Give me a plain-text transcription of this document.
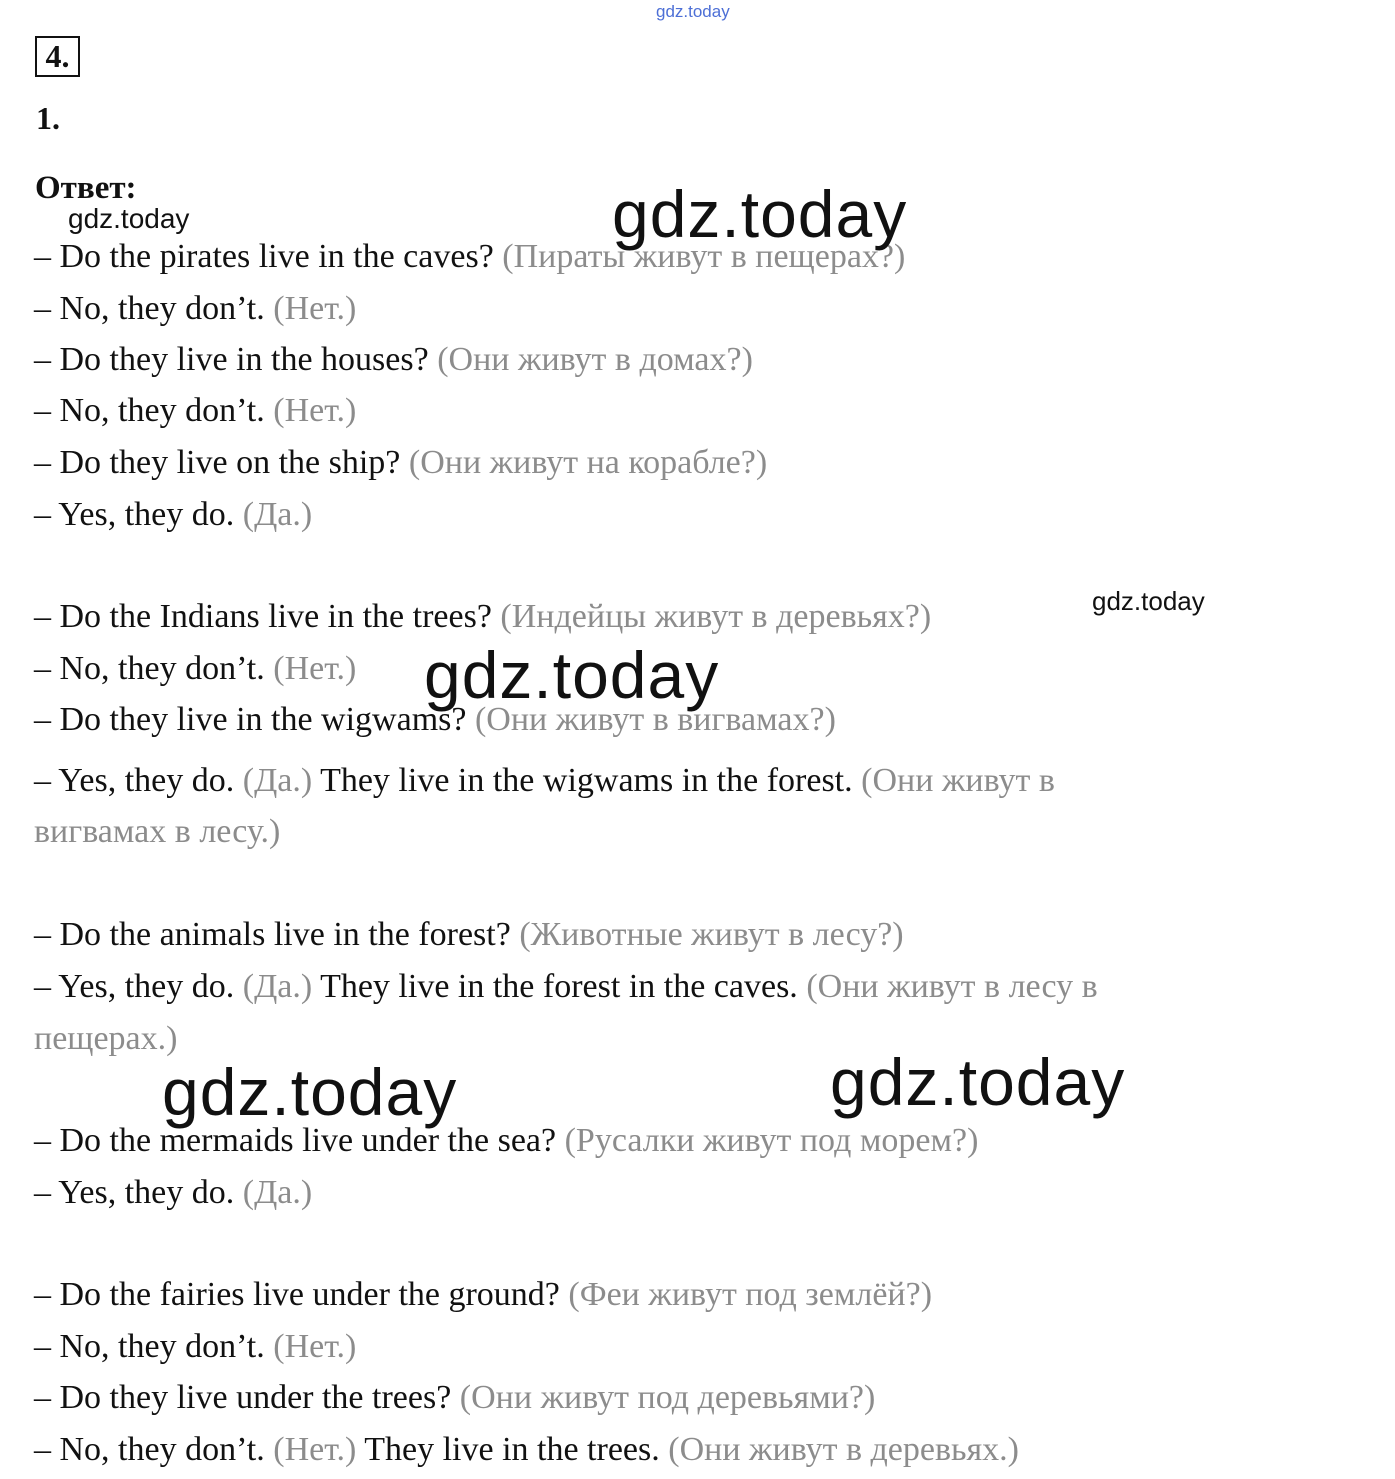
gdz.today
4.
1.
Ответ:
– Do the pirates live in the caves? (Пираты живут в пещерах?)
– No, they don’t. (Нет.)
– Do they live in the houses? (Они живут в домах?)
– No, they don’t. (Нет.)
– Do they live on the ship? (Они живут на корабле?)
– Yes, they do. (Да.)
– Do the Indians live in the trees? (Индейцы живут в деревьях?)
– No, they don’t. (Нет.)
– Do they live in the wigwams? (Они живут в вигвамах?)
– Yes, they do. (Да.) They live in the wigwams in the forest. (Они живут в
вигвамах в лесу.)
– Do the animals live in the forest? (Животные живут в лесу?)
– Yes, they do. (Да.) They live in the forest in the caves. (Они живут в лесу в
пещерах.)
– Do the mermaids live under the sea? (Русалки живут под морем?)
– Yes, they do. (Да.)
– Do the fairies live under the ground? (Феи живут под землёй?)
– No, they don’t. (Нет.)
– Do they live under the trees? (Они живут под деревьями?)
– No, they don’t. (Нет.) They live in the trees. (Они живут в деревьях.)
gdz.today	gdz.today
gdz.today
gdz.today
gdz.today	gdz.today
